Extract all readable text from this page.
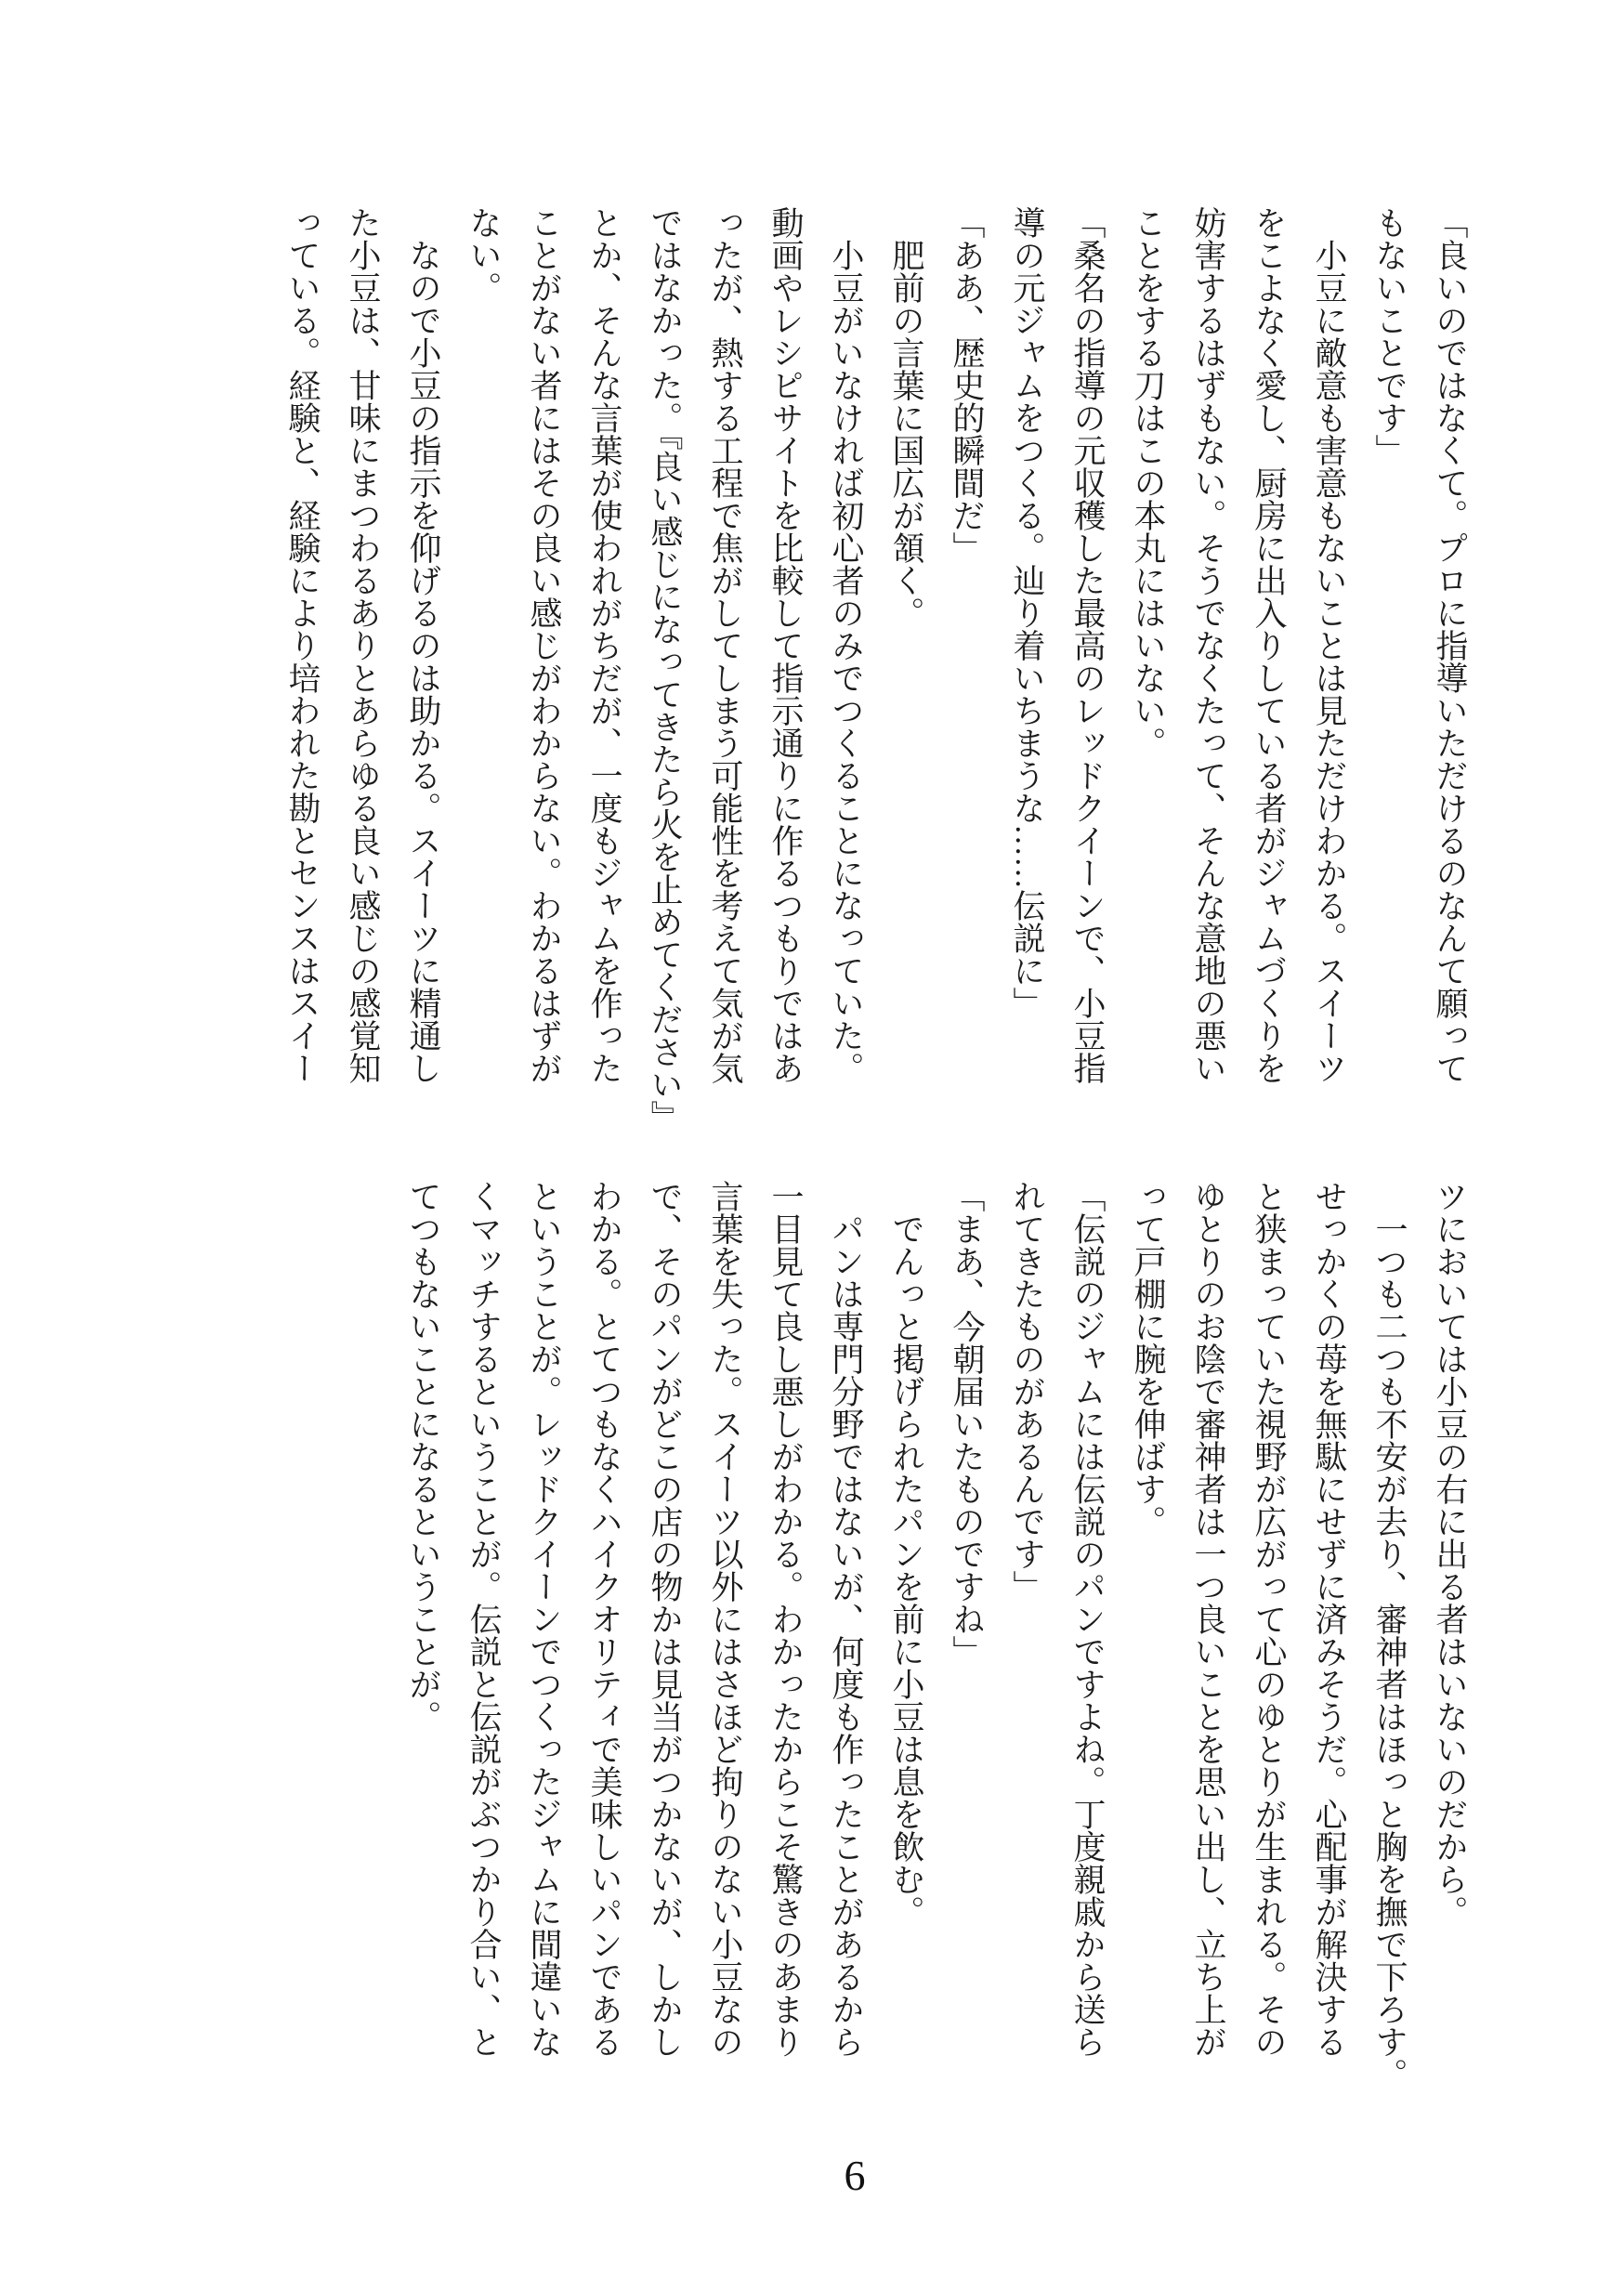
「良いのではなくて。プロに指導いただけるのなんて願って
もないことです」
　小豆に敵意も害意もないことは見ただけわかる。スイーツ
をこよなく愛し、厨房に出入りしている者がジャムづくりを
妨害するはずもない。そうでなくたって、そんな意地の悪い
ことをする刀はこの本丸にはいない。
「桑名の指導の元収穫した最高のレッドクイーンで、小豆指
導の元ジャムをつくる。辿り着いちまうな……伝説に」
「ああ、歴史的瞬間だ」
　肥前の言葉に国広が頷く。
　小豆がいなければ初心者のみでつくることになっていた。
動画やレシピサイトを比較して指示通りに作るつもりではあ
ったが、熱する工程で焦がしてしまう可能性を考えて気が気
ではなかった。『良い感じになってきたら火を止めてください』
とか、そんな言葉が使われがちだが、一度もジャムを作った
ことがない者にはその良い感じがわからない。わかるはずが
ない。
　なので小豆の指示を仰げるのは助かる。スイーツに精通し
た小豆は、甘味にまつわるありとあらゆる良い感じの感覚知
っている。経験と、経験により培われた勘とセンスはスイー
ツにおいては小豆の右に出る者はいないのだから。
　一つも二つも不安が去り、審神者はほっと胸を撫で下ろす。
せっかくの苺を無駄にせずに済みそうだ。心配事が解決する
と狭まっていた視野が広がって心のゆとりが生まれる。その
ゆとりのお陰で審神者は一つ良いことを思い出し、立ち上が
って戸棚に腕を伸ばす。
「伝説のジャムには伝説のパンですよね。丁度親戚から送ら
れてきたものがあるんです」
「まあ、今朝届いたものですね」
　でんっと掲げられたパンを前に小豆は息を飲む。
　パンは専門分野ではないが、何度も作ったことがあるから
一目見て良し悪しがわかる。わかったからこそ驚きのあまり
言葉を失った。スイーツ以外にはさほど拘りのない小豆なの
で、そのパンがどこの店の物かは見当がつかないが、しかし
わかる。とてつもなくハイクオリティで美味しいパンである
ということが。レッドクイーンでつくったジャムに間違いな
くマッチするということが。伝説と伝説がぶつかり合い、と
てつもないことになるということが。
6
